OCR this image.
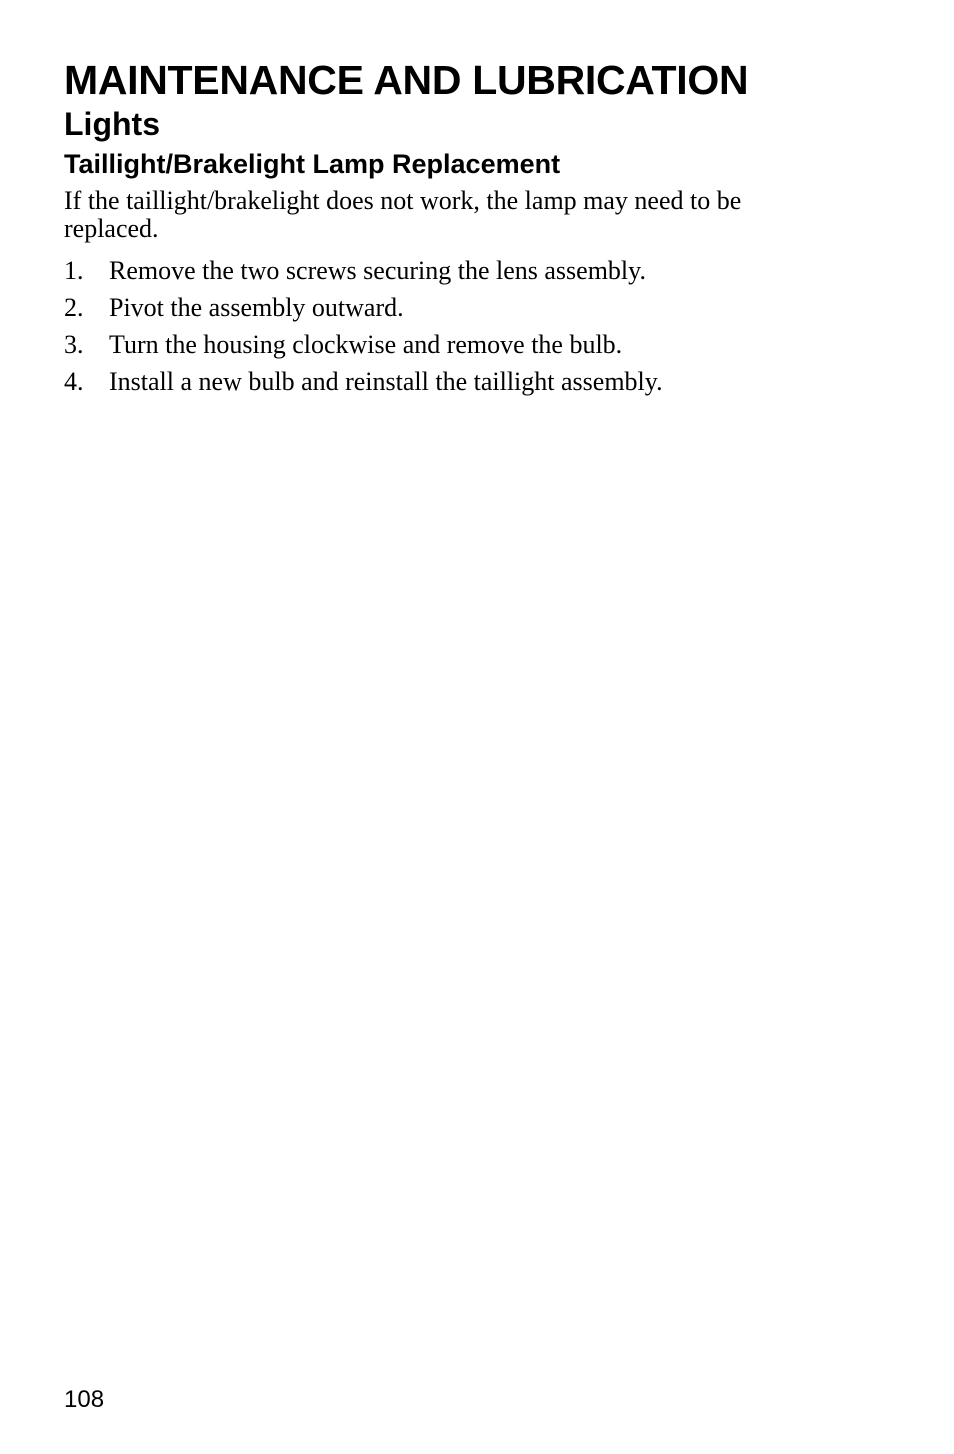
MAINTENANCE AND LUBRICATION
Lights
Taillight/Brakelight Lamp Replacement

If the taillight/brakelight does not work, the lamp may need to be replaced.

1. Remove the two screws securing the lens assembly.
2. Pivot the assembly outward.
3. Turn the housing clockwise and remove the bulb.
4. Install a new bulb and reinstall the taillight assembly.
108
